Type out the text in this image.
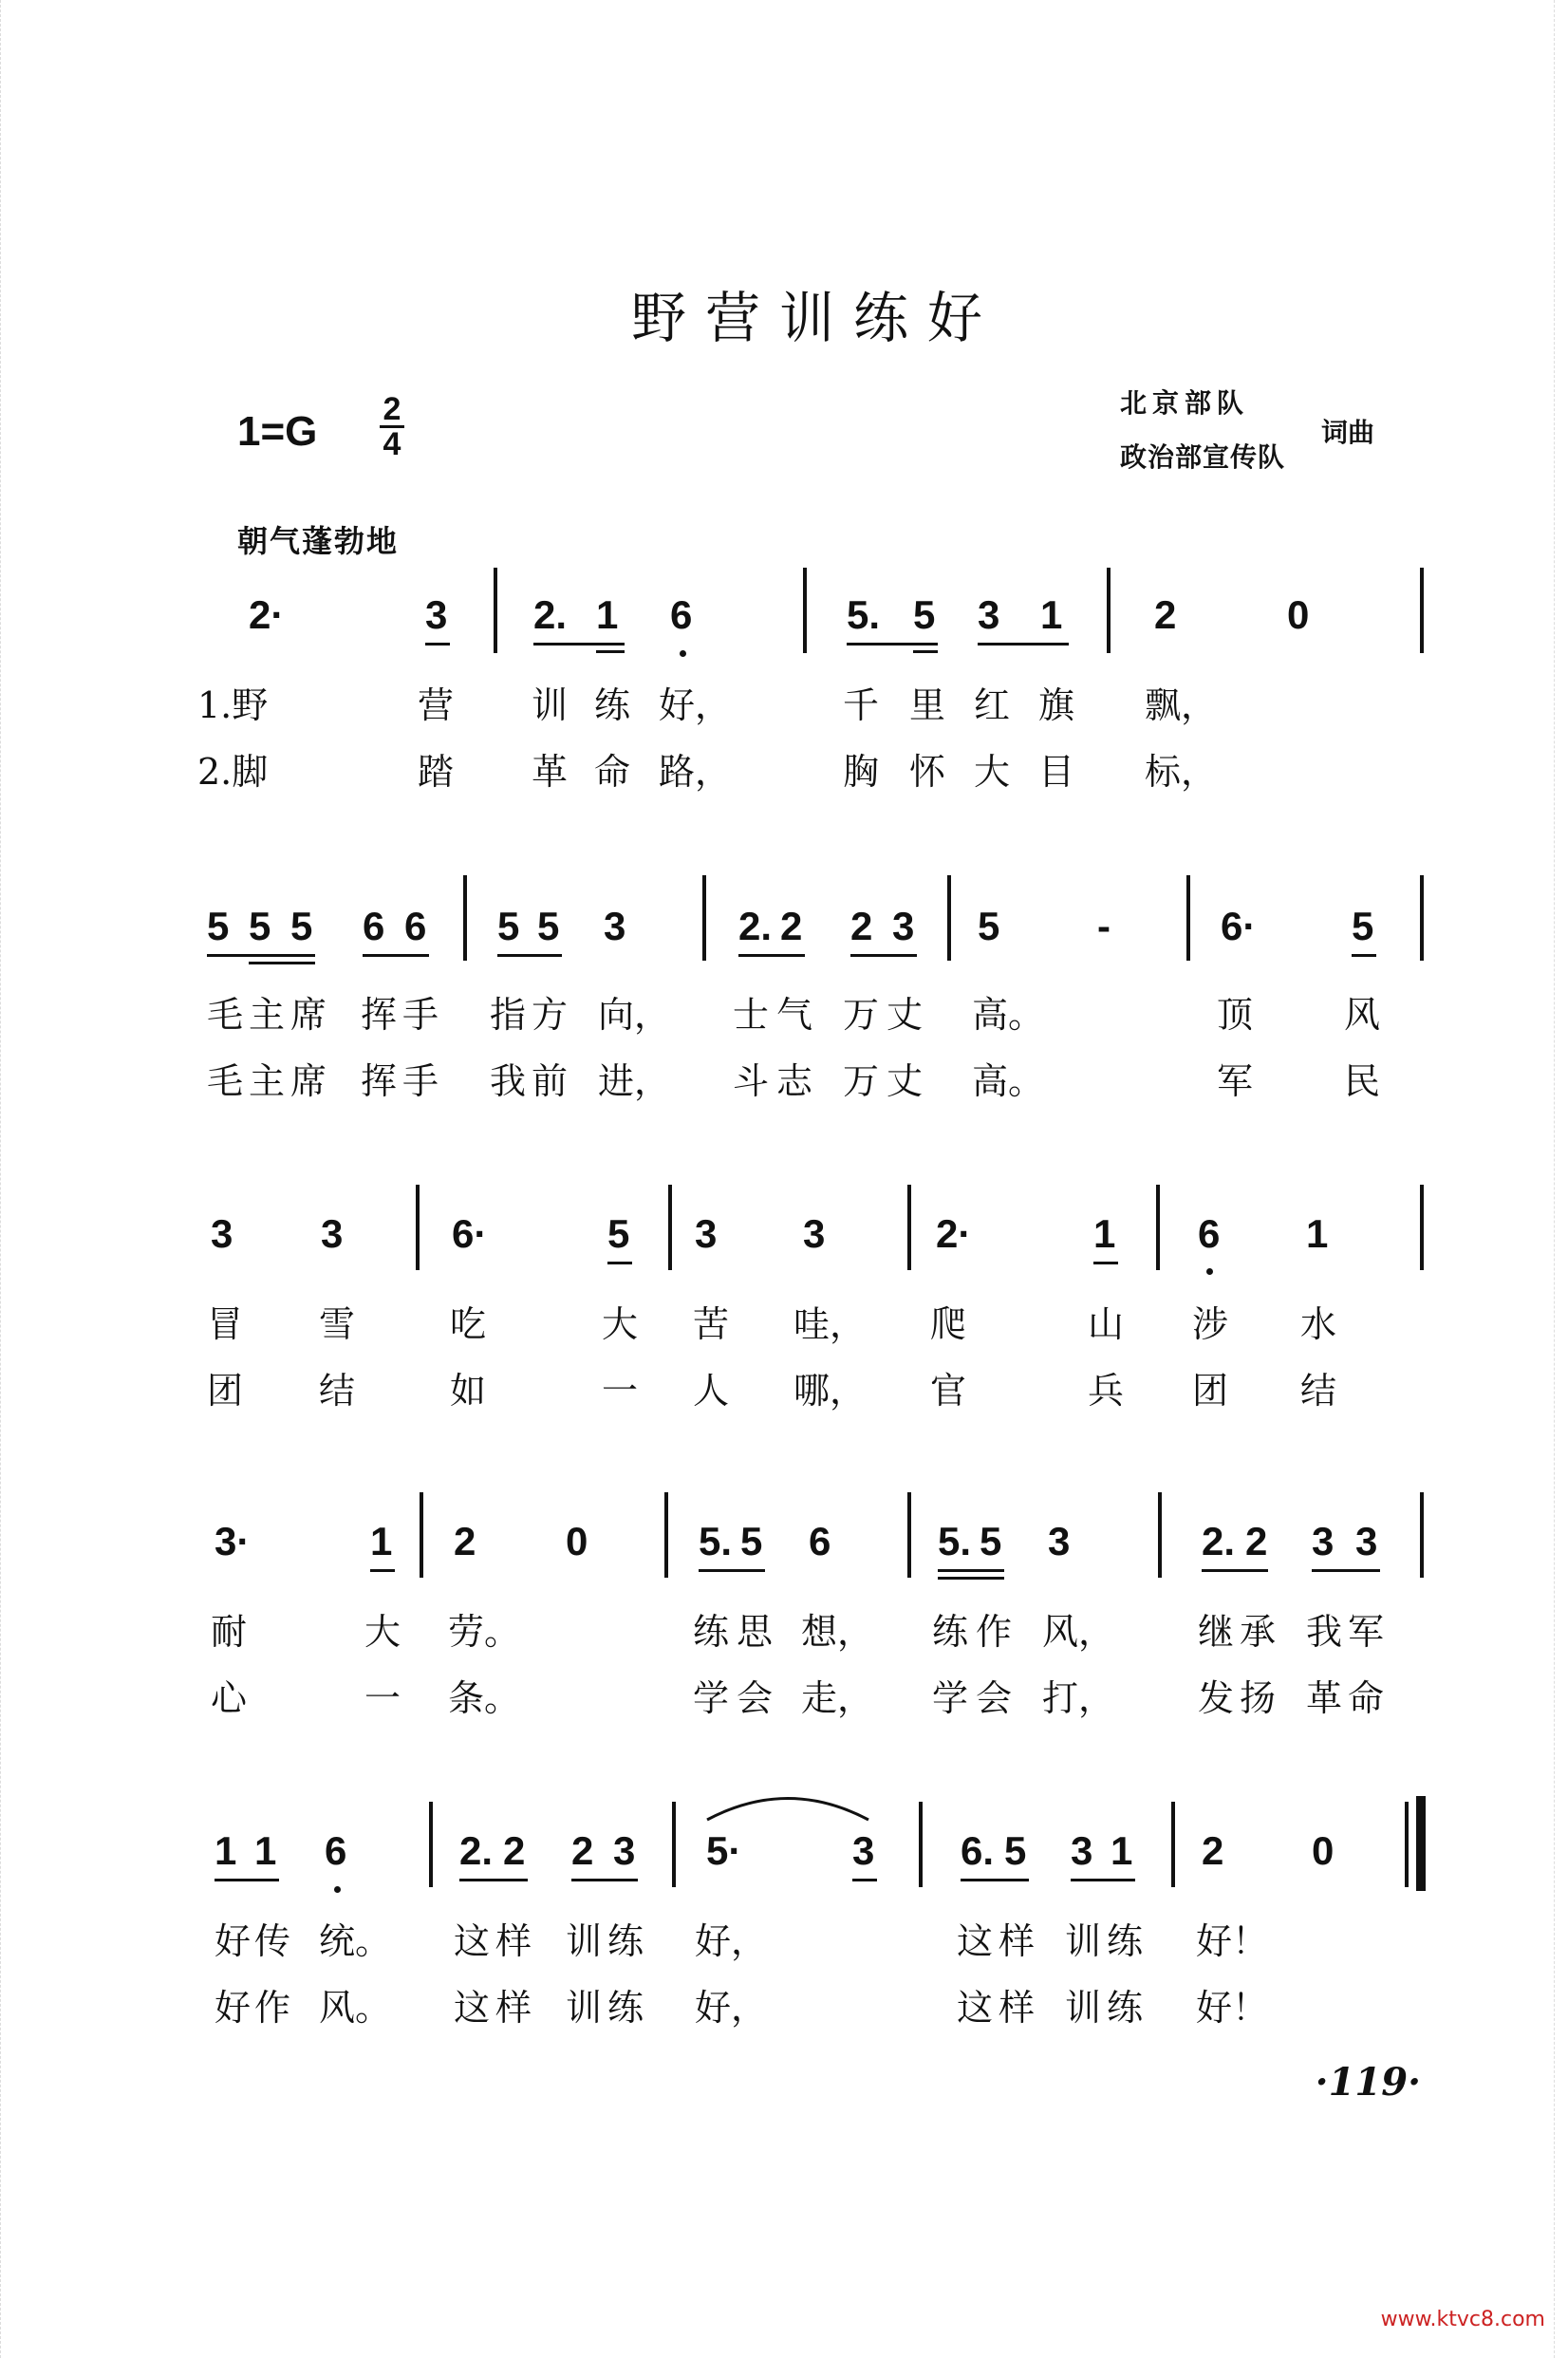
野营训练好
1=G 2
4
北京部队
政治部宣传队
词曲
朝气蓬勃地
2·	3 2. 1 6	5. 5 3 1 2	0
1.野	营 训 练 好，	千 里 红 旗 飘，
2.脚	踏 革 命 路，	胸 怀 大 目 标，
5 5 5 6 6 5 5 3	2. 2 2 3 5 -	6· 5
毛 主 席 挥 手 指 方 向， 士 气 万 丈 高。	顶	风
毛 主 席 挥 手 我 前 进， 斗 志 万 丈 高。	军	民
3 3	6·	5 3 3	2·	1 6 1
冒 雪	吃	大 苦 哇， 爬	山 涉 水
团 结	如	一 人 哪， 官	兵 团 结
3·	1 2 0	5. 5 6	5. 5 3	2. 2 3 3
耐	大 劳。	练 思 想， 练 作 风， 继 承 我 军
心	一 条。	学 会 走， 学 会 打， 发 扬 革 命
1 1 6	2. 2 2 3 5·	3 6. 5 3 1 2 0
好 传 统。 这 样 训 练 好，	这 样 训 练 好！
好 作 风。 这 样 训 练 好，	这 样 训 练 好！
·119·
www.ktvc8.com
